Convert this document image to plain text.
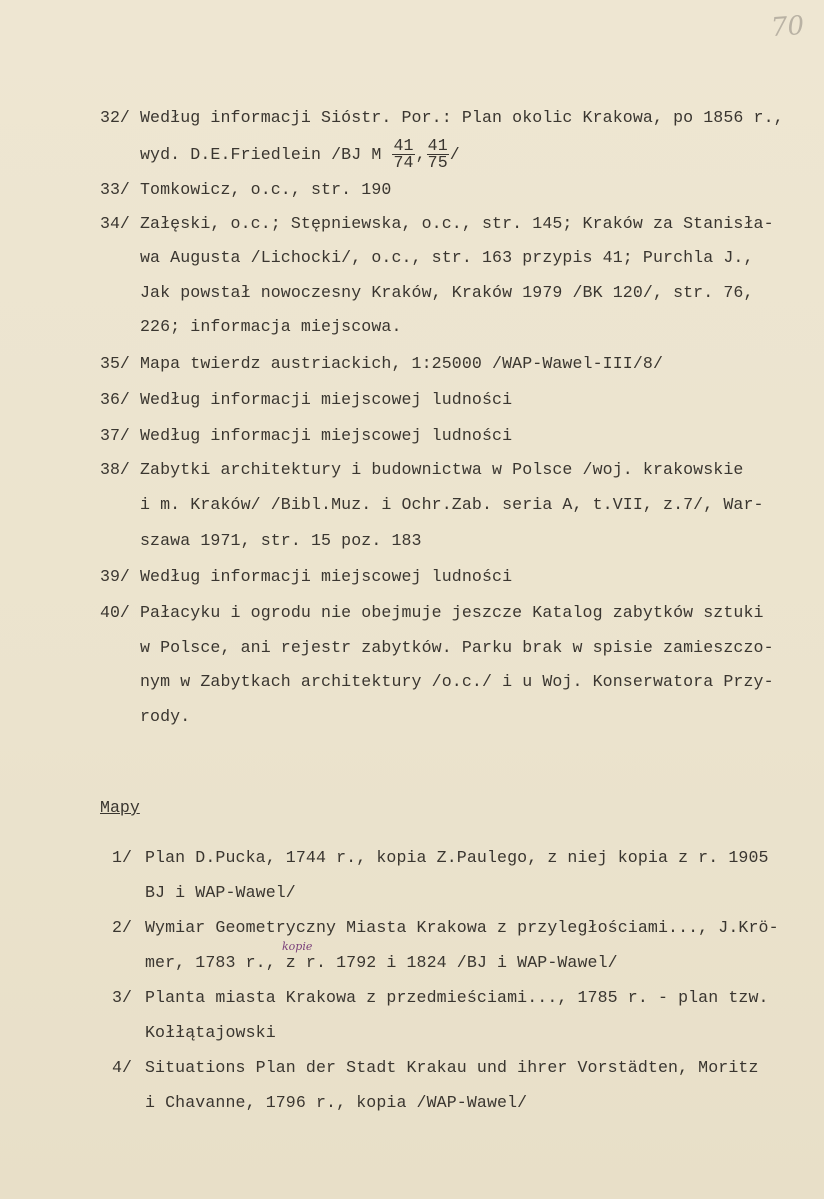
70
32/ Według informacji Sióstr. Por.: Plan okolic Krakowa, po 1856 r.,
wyd. D.E.Friedlein /BJ M $\frac{41}{74}$ , $\frac{41}{75}$ /
33/ Tomkowicz, o.c., str. 190
34/ Załęski, o.c.; Stępniewska, o.c., str. 145; Kraków za Stanisła-
wa Augusta /Lichocki/, o.c., str. 163 przypis 41; Purchla J.,
Jak powstał nowoczesny Kraków, Kraków 1979 /BK 120/, str. 76,
226; informacja miejscowa.
35/ Mapa twierdz austriackich, 1:25000 /WAP-Wawel-III/8/
36/ Według informacji miejscowej ludności
37/ Według informacji miejscowej ludności
38/ Zabytki architektury i budownictwa w Polsce /woj. krakowskie
i m. Kraków/ /Bibl.Muz. i Ochr.Zab. seria A, t.VII, z.7/, War-
szawa 1971, str. 15 poz. 183
39/ Według informacji miejscowej ludności
40/ Pałacyku i ogrodu nie obejmuje jeszcze Katalog zabytków sztuki
w Polsce, ani rejestr zabytków. Parku brak w spisie zamieszczo-
nym w Zabytkach architektury /o.c./ i u Woj. Konserwatora Przy-
rody.
Mapy
1/ Plan D.Pucka, 1744 r., kopia Z.Paulego, z niej kopia z r. 1905
BJ i WAP-Wawel/
2/ Wymiar Geometryczny Miasta Krakowa z przyległościami..., J.Krö-
mer, 1783 r., z r. 1792 i 1824 /BJ i WAP-Wawel/
kopie
3/ Planta miasta Krakowa z przedmieściami..., 1785 r. - plan tzw.
Kołłątajowski
4/ Situations Plan der Stadt Krakau und ihrer Vorstädten, Moritz
i Chavanne, 1796 r., kopia /WAP-Wawel/
